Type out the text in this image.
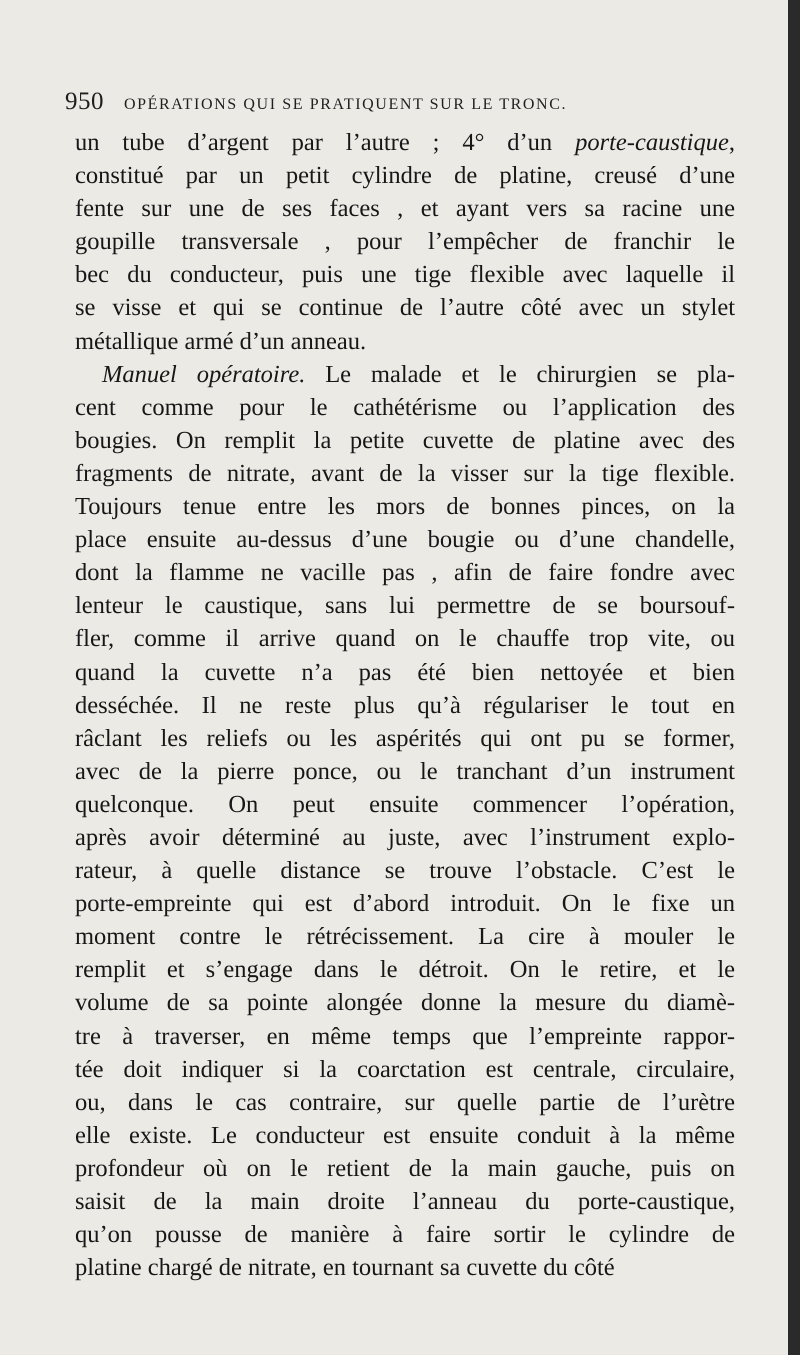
950 OPÉRATIONS QUI SE PRATIQUENT SUR LE TRONC.
un tube d’argent par l’autre ; 4° d’un porte-caustique,
constitué par un petit cylindre de platine, creusé d’une
fente sur une de ses faces , et ayant vers sa racine une
goupille transversale , pour l’empêcher de franchir le
bec du conducteur, puis une tige flexible avec laquelle il
se visse et qui se continue de l’autre côté avec un stylet
métallique armé d’un anneau.
Manuel opératoire. Le malade et le chirurgien se pla-
cent comme pour le cathétérisme ou l’application des
bougies. On remplit la petite cuvette de platine avec des
fragments de nitrate, avant de la visser sur la tige flexible.
Toujours tenue entre les mors de bonnes pinces, on la
place ensuite au-dessus d’une bougie ou d’une chandelle,
dont la flamme ne vacille pas , afin de faire fondre avec
lenteur le caustique, sans lui permettre de se boursouf-
fler, comme il arrive quand on le chauffe trop vite, ou
quand la cuvette n’a pas été bien nettoyée et bien
desséchée. Il ne reste plus qu’à régulariser le tout en
râclant les reliefs ou les aspérités qui ont pu se former,
avec de la pierre ponce, ou le tranchant d’un instrument
quelconque. On peut ensuite commencer l’opération,
après avoir déterminé au juste, avec l’instrument explo-
rateur, à quelle distance se trouve l’obstacle. C’est le
porte-empreinte qui est d’abord introduit. On le fixe un
moment contre le rétrécissement. La cire à mouler le
remplit et s’engage dans le détroit. On le retire, et le
volume de sa pointe alongée donne la mesure du diamè-
tre à traverser, en même temps que l’empreinte rappor-
tée doit indiquer si la coarctation est centrale, circulaire,
ou, dans le cas contraire, sur quelle partie de l’urètre
elle existe. Le conducteur est ensuite conduit à la même
profondeur où on le retient de la main gauche, puis on
saisit de la main droite l’anneau du porte-caustique,
qu’on pousse de manière à faire sortir le cylindre de
platine chargé de nitrate, en tournant sa cuvette du côté
